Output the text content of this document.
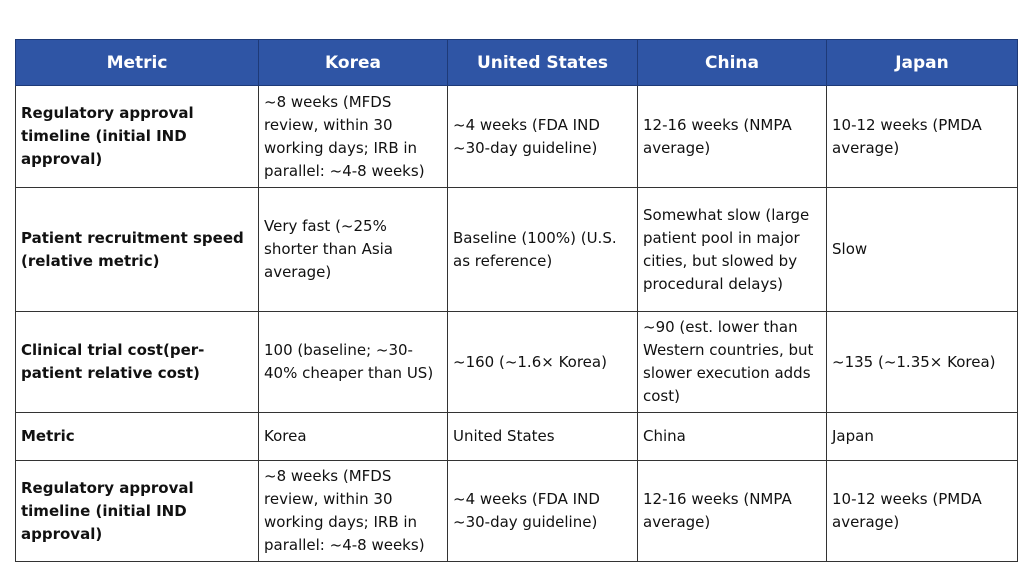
Metric	Korea	United States	China	Japan
Regulatory approval timeline (initial IND approval)	~8 weeks (MFDS review, within 30 working days; IRB in parallel: ~4-8 weeks)	~4 weeks (FDA IND ~30-day guideline)	12-16 weeks (NMPA average)	10-12 weeks (PMDA average)
Patient recruitment speed (relative metric)	Very fast (~25% shorter than Asia average)	Baseline (100%) (U.S. as reference)	Somewhat slow (large patient pool in major cities, but slowed by procedural delays)	Slow
Clinical trial cost(per-patient relative cost)	100 (baseline; ~30-40% cheaper than US)	~160 (~1.6× Korea)	~90 (est. lower than Western countries, but slower execution adds cost)	~135 (~1.35× Korea)
Metric	Korea	United States	China	Japan
Regulatory approval timeline (initial IND approval)	~8 weeks (MFDS review, within 30 working days; IRB in parallel: ~4-8 weeks)	~4 weeks (FDA IND ~30-day guideline)	12-16 weeks (NMPA average)	10-12 weeks (PMDA average)
